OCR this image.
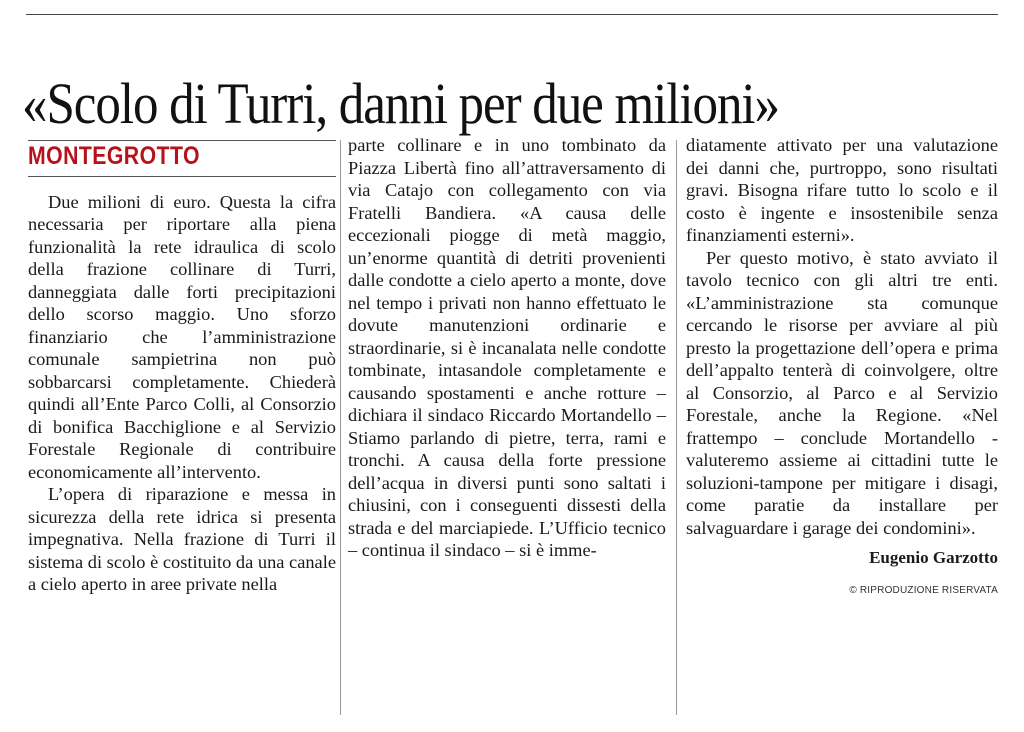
«Scolo di Turri, danni per due milioni»
MONTEGROTTO

Due milioni di euro. Questa la cifra necessaria per riportare alla piena funzionalità la rete idraulica di scolo della frazione collinare di Turri, danneggiata dalle forti precipitazioni dello scorso maggio. Uno sforzo finanziario che l’amministrazione comunale sampietrina non può sobbarcarsi completamente. Chiederà quindi all’Ente Parco Colli, al Consorzio di bonifica Bacchiglione e al Servizio Forestale Regionale di contribuire economicamente all’intervento.

L’opera di riparazione e messa in sicurezza della rete idrica si presenta impegnativa. Nella frazione di Turri il sistema di scolo è costituito da una canale a cielo aperto in aree private nella

parte collinare e in uno tombinato da Piazza Libertà fino all’attraversamento di via Catajo con collegamento con via Fratelli Bandiera. «A causa delle eccezionali piogge di metà maggio, un’enorme quantità di detriti provenienti dalle condotte a cielo aperto a monte, dove nel tempo i privati non hanno effettuato le dovute manutenzioni ordinarie e straordinarie, si è incanalata nelle condotte tombinate, intasandole completamente e causando spostamenti e anche rotture – dichiara il sindaco Riccardo Mortandello – Stiamo parlando di pietre, terra, rami e tronchi. A causa della forte pressione dell’acqua in diversi punti sono saltati i chiusini, con i conseguenti dissesti della strada e del marciapiede. L’Ufficio tecnico – continua il sindaco – si è imme-

diatamente attivato per una valutazione dei danni che, purtroppo, sono risultati gravi. Bisogna rifare tutto lo scolo e il costo è ingente e insostenibile senza finanziamenti esterni».

Per questo motivo, è stato avviato il tavolo tecnico con gli altri tre enti. «L’amministrazione sta comunque cercando le risorse per avviare al più presto la progettazione dell’opera e prima dell’appalto tenterà di coinvolgere, oltre al Consorzio, al Parco e al Servizio Forestale, anche la Regione. «Nel frattempo – conclude Mortandello - valuteremo assieme ai cittadini tutte le soluzioni-tampone per mitigare i disagi, come paratie da installare per salvaguardare i garage dei condomini».

Eugenio Garzotto
© RIPRODUZIONE RISERVATA
